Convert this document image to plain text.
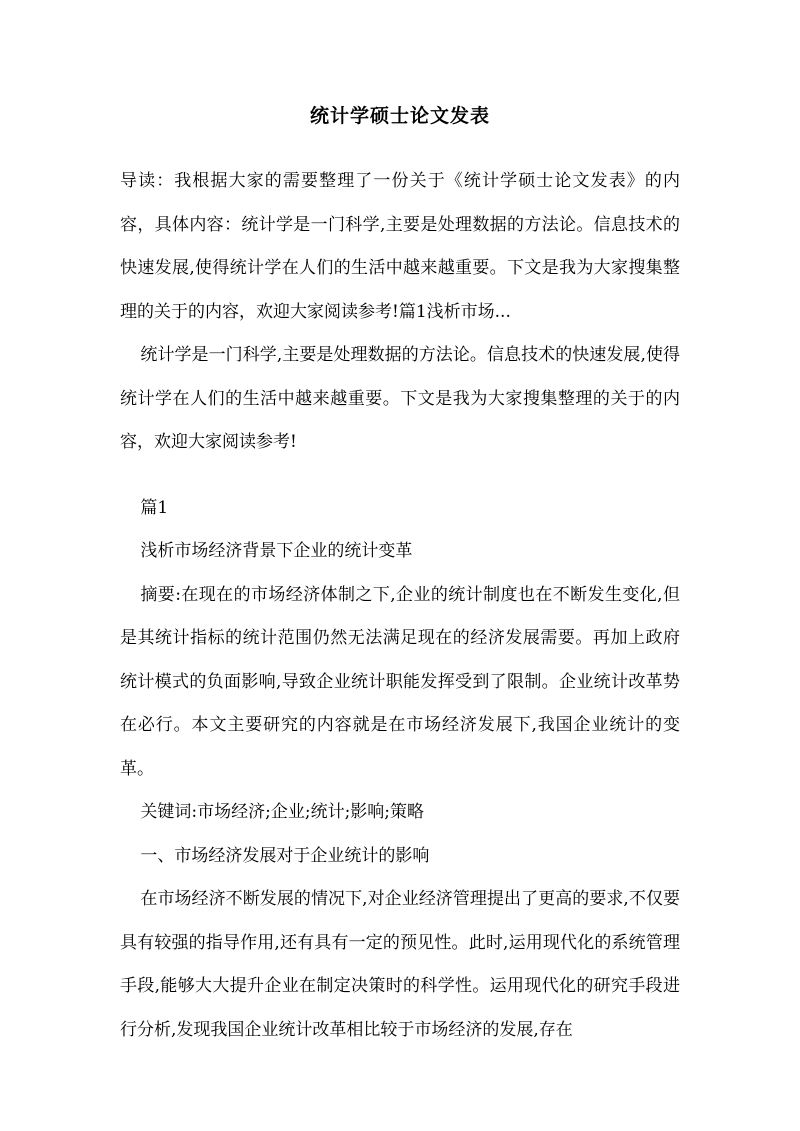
统计学硕士论文发表

导读：我根据大家的需要整理了一份关于《统计学硕士论文发表》的内容，具体内容：统计学是一门科学,主要是处理数据的方法论。信息技术的快速发展,使得统计学在人们的生活中越来越重要。下文是我为大家搜集整理的关于的内容，欢迎大家阅读参考!篇1浅析市场...

统计学是一门科学,主要是处理数据的方法论。信息技术的快速发展,使得统计学在人们的生活中越来越重要。下文是我为大家搜集整理的关于的内容，欢迎大家阅读参考!

篇1

浅析市场经济背景下企业的统计变革

摘要:在现在的市场经济体制之下,企业的统计制度也在不断发生变化,但是其统计指标的统计范围仍然无法满足现在的经济发展需要。再加上政府统计模式的负面影响,导致企业统计职能发挥受到了限制。企业统计改革势在必行。本文主要研究的内容就是在市场经济发展下,我国企业统计的变革。

关键词:市场经济;企业;统计;影响;策略

一、市场经济发展对于企业统计的影响

在市场经济不断发展的情况下,对企业经济管理提出了更高的要求,不仅要具有较强的指导作用,还有具有一定的预见性。此时,运用现代化的系统管理手段,能够大大提升企业在制定决策时的科学性。运用现代化的研究手段进行分析,发现我国企业统计改革相比较于市场经济的发展,存在
